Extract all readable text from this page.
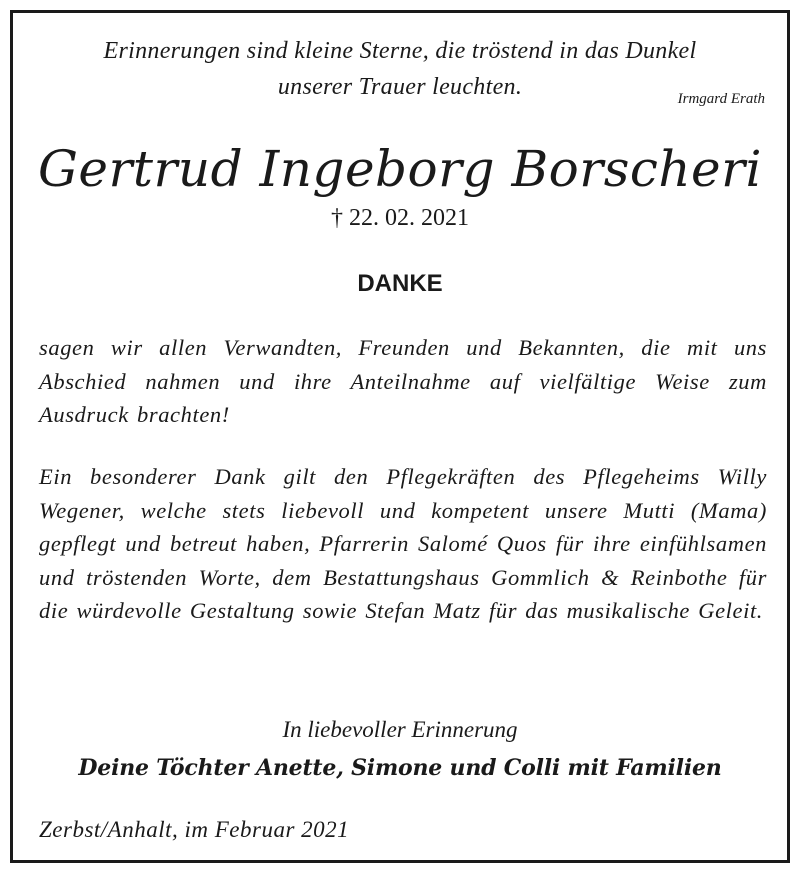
Erinnerungen sind kleine Sterne, die tröstend in das Dunkel
unserer Trauer leuchten.	Irmgard Erath
Gertrud Ingeborg Borscheri
† 22. 02. 2021
DANKE
sagen wir allen Verwandten, Freunden und Bekannten, die mit uns Abschied nahmen und ihre Anteilnahme auf vielfältige Weise zum Ausdruck brachten!
Ein besonderer Dank gilt den Pflegekräften des Pflegeheims Willy Wegener, welche stets liebevoll und kompetent unsere Mutti (Mama) gepflegt und betreut haben, Pfarrerin Salomé Quos für ihre einfühlsamen und tröstenden Worte, dem Bestattungshaus Gommlich & Reinbothe für die würdevolle Gestaltung sowie Stefan Matz für das musikalische Geleit.
In liebevoller Erinnerung
Deine Töchter Anette, Simone und Colli mit Familien
Zerbst/Anhalt, im Februar 2021
